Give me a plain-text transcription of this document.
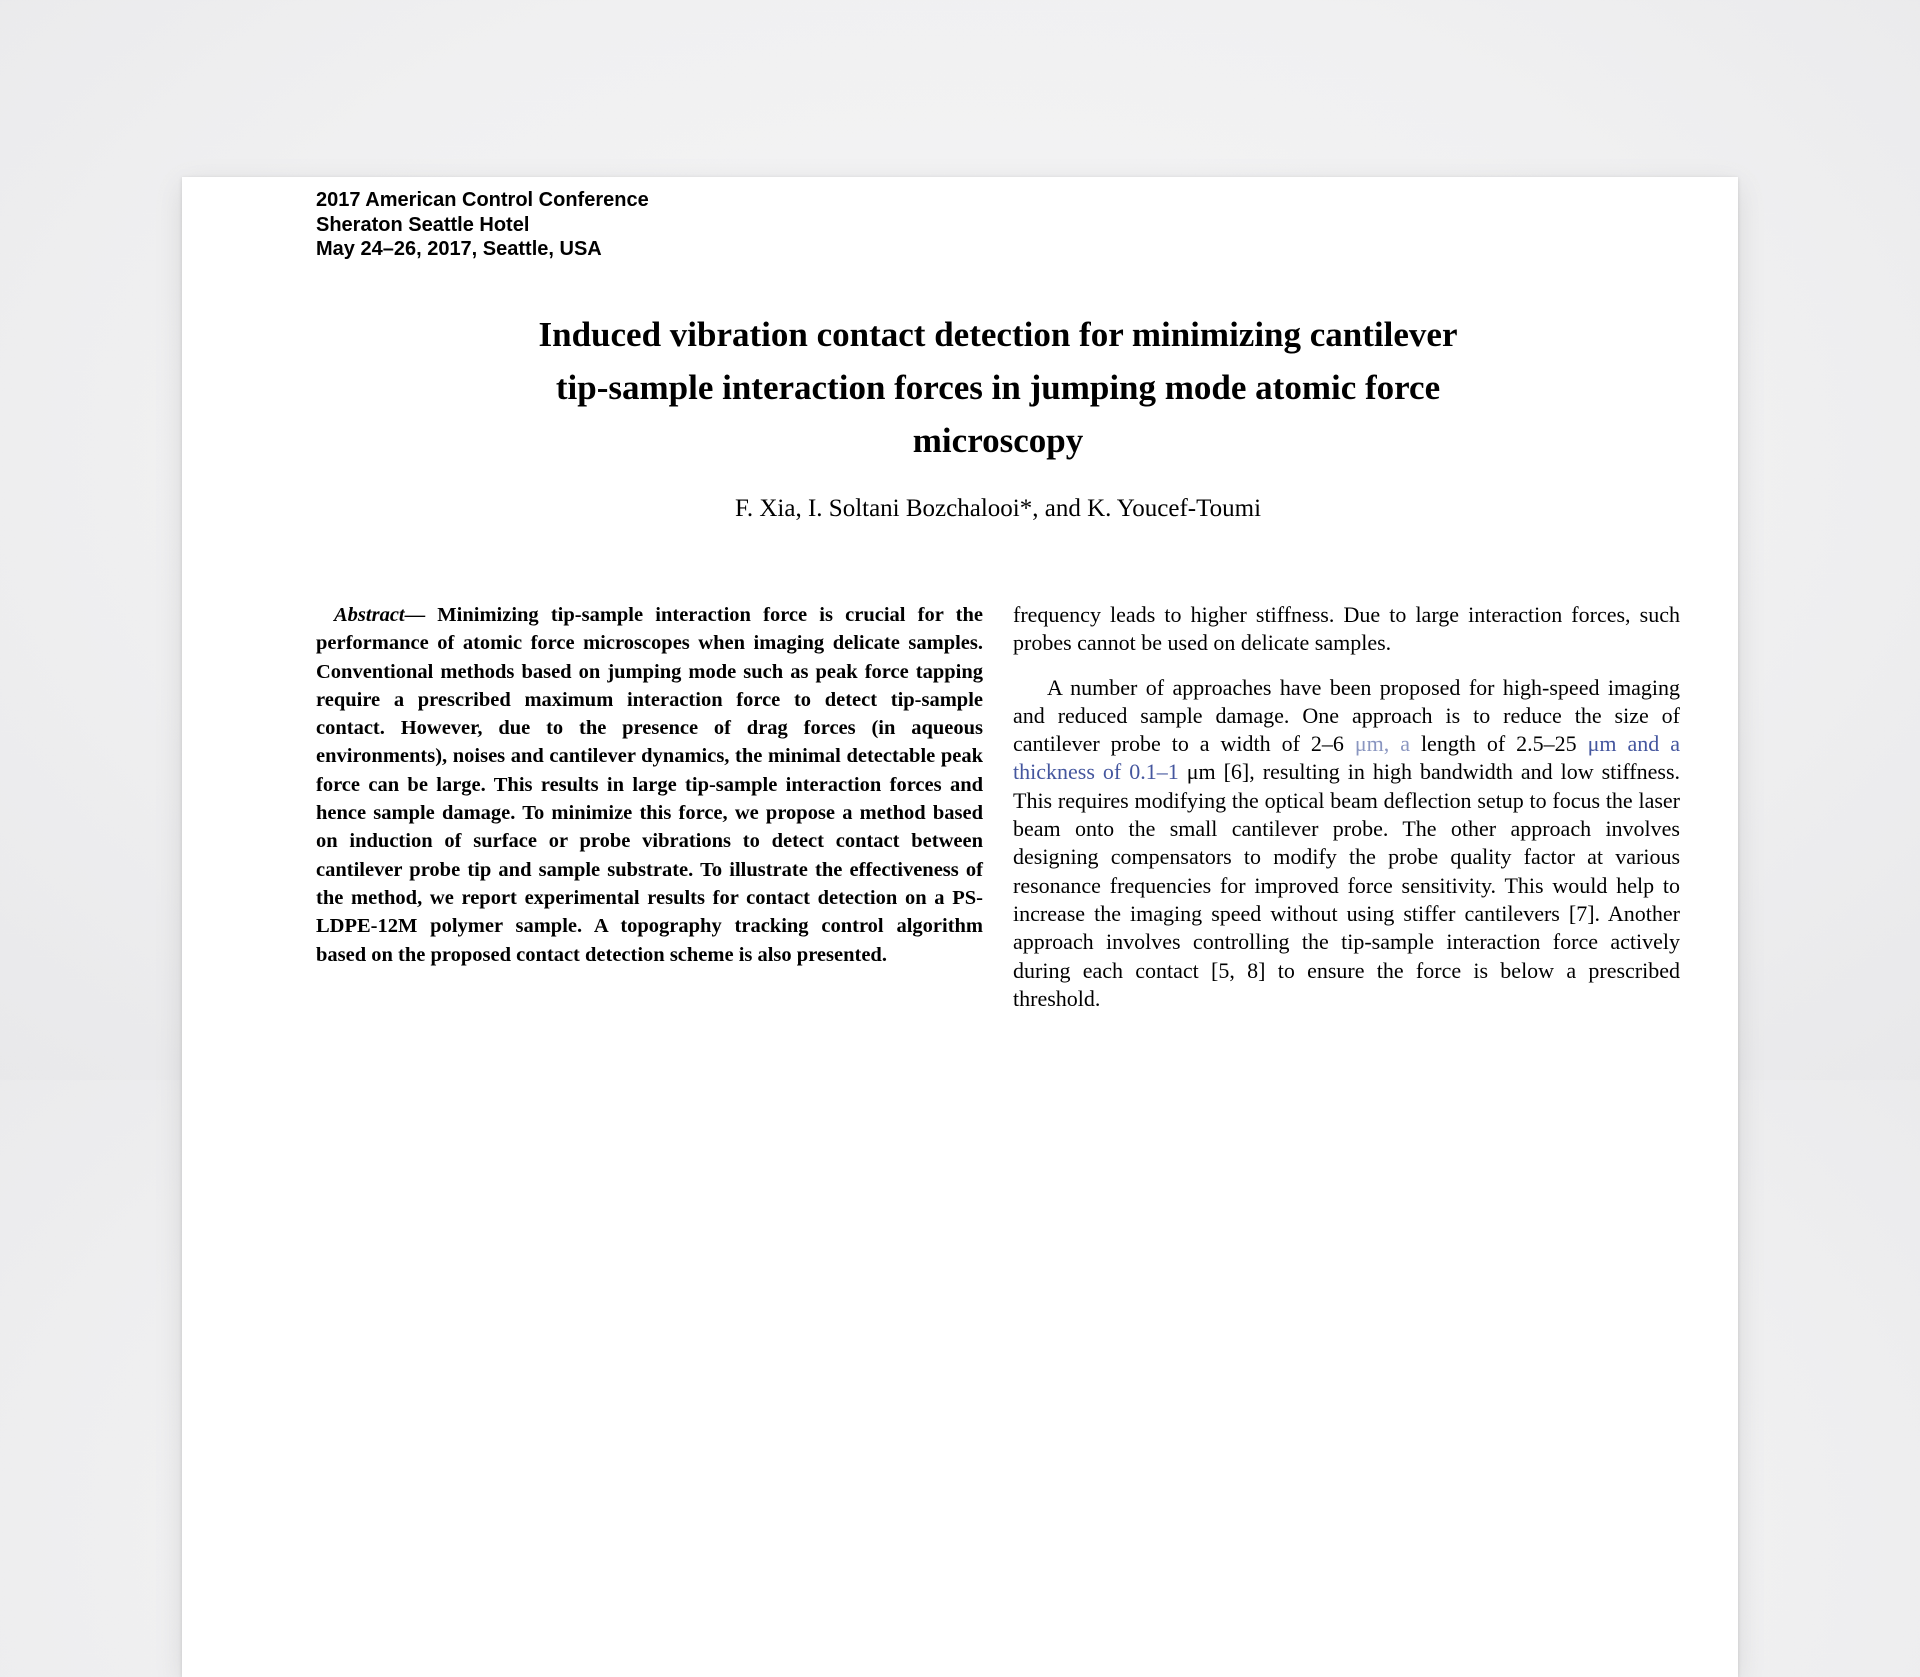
2017 American Control Conference
Sheraton Seattle Hotel
May 24–26, 2017, Seattle, USA
Induced vibration contact detection for minimizing cantilever
tip-sample interaction forces in jumping mode atomic force
microscopy
F. Xia, I. Soltani Bozchalooi*, and K. Youcef-Toumi

Abstract— Minimizing tip-sample interaction force is crucial for the performance of atomic force microscopes when imaging delicate samples. Conventional methods based on jumping mode such as peak force tapping require a prescribed maximum interaction force to detect tip-sample contact. However, due to the presence of drag forces (in aqueous environments), noises and cantilever dynamics, the minimal detectable peak force can be large. This results in large tip-sample interaction forces and hence sample damage. To minimize this force, we propose a method based on induction of surface or probe vibrations to detect contact between cantilever probe tip and sample substrate. To illustrate the effectiveness of the method, we report experimental results for contact detection on a PS-LDPE-12M polymer sample. A topography tracking control algorithm based on the proposed contact detection scheme is also presented.

frequency leads to higher stiffness. Due to large interaction forces, such probes cannot be used on delicate samples.

A number of approaches have been proposed for high-speed imaging and reduced sample damage. One approach is to reduce the size of cantilever probe to a width of 2–6 μm, a length of 2.5–25 μm and a thickness of 0.1–1 μm [6], resulting in high bandwidth and low stiffness. This requires modifying the optical beam deflection setup to focus the laser beam onto the small cantilever probe. The other approach involves designing compensators to modify the probe quality factor at various resonance frequencies for improved force sensitivity. This would help to increase the imaging speed without using stiffer cantilevers [7]. Another approach involves controlling the tip-sample interaction force actively during each contact [5, 8] to ensure the force is below a prescribed threshold.
